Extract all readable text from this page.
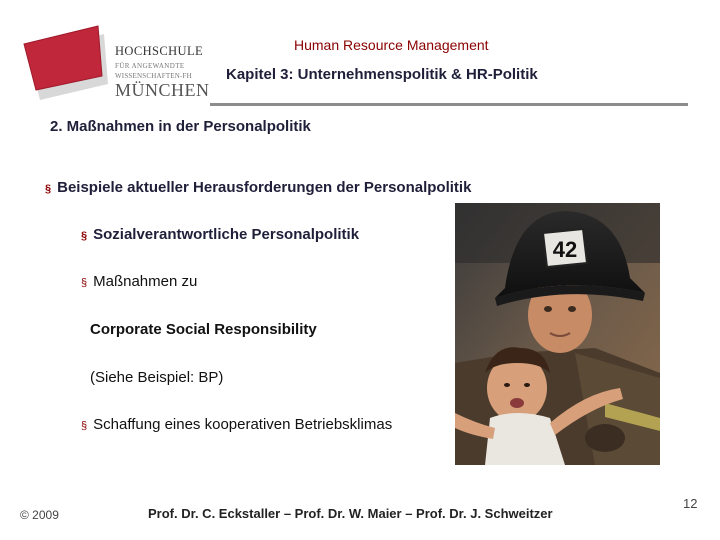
HOCHSCHULE
FÜR ANGEWANDTE
WISSENSCHAFTEN-FH
MÜNCHEN
Human Resource Management
Kapitel 3: Unternehmenspolitik & HR-Politik
2. Maßnahmen in der Personalpolitik
§ Beispiele aktueller Herausforderungen der Personalpolitik
§ Sozialverantwortliche Personalpolitik
§ Maßnahmen zu
Corporate Social Responsibility
(Siehe Beispiel: BP)
§ Schaffung eines kooperativen Betriebsklimas
42
© 2009	Prof. Dr. C. Eckstaller – Prof. Dr. W. Maier – Prof. Dr. J. Schweitzer
12
